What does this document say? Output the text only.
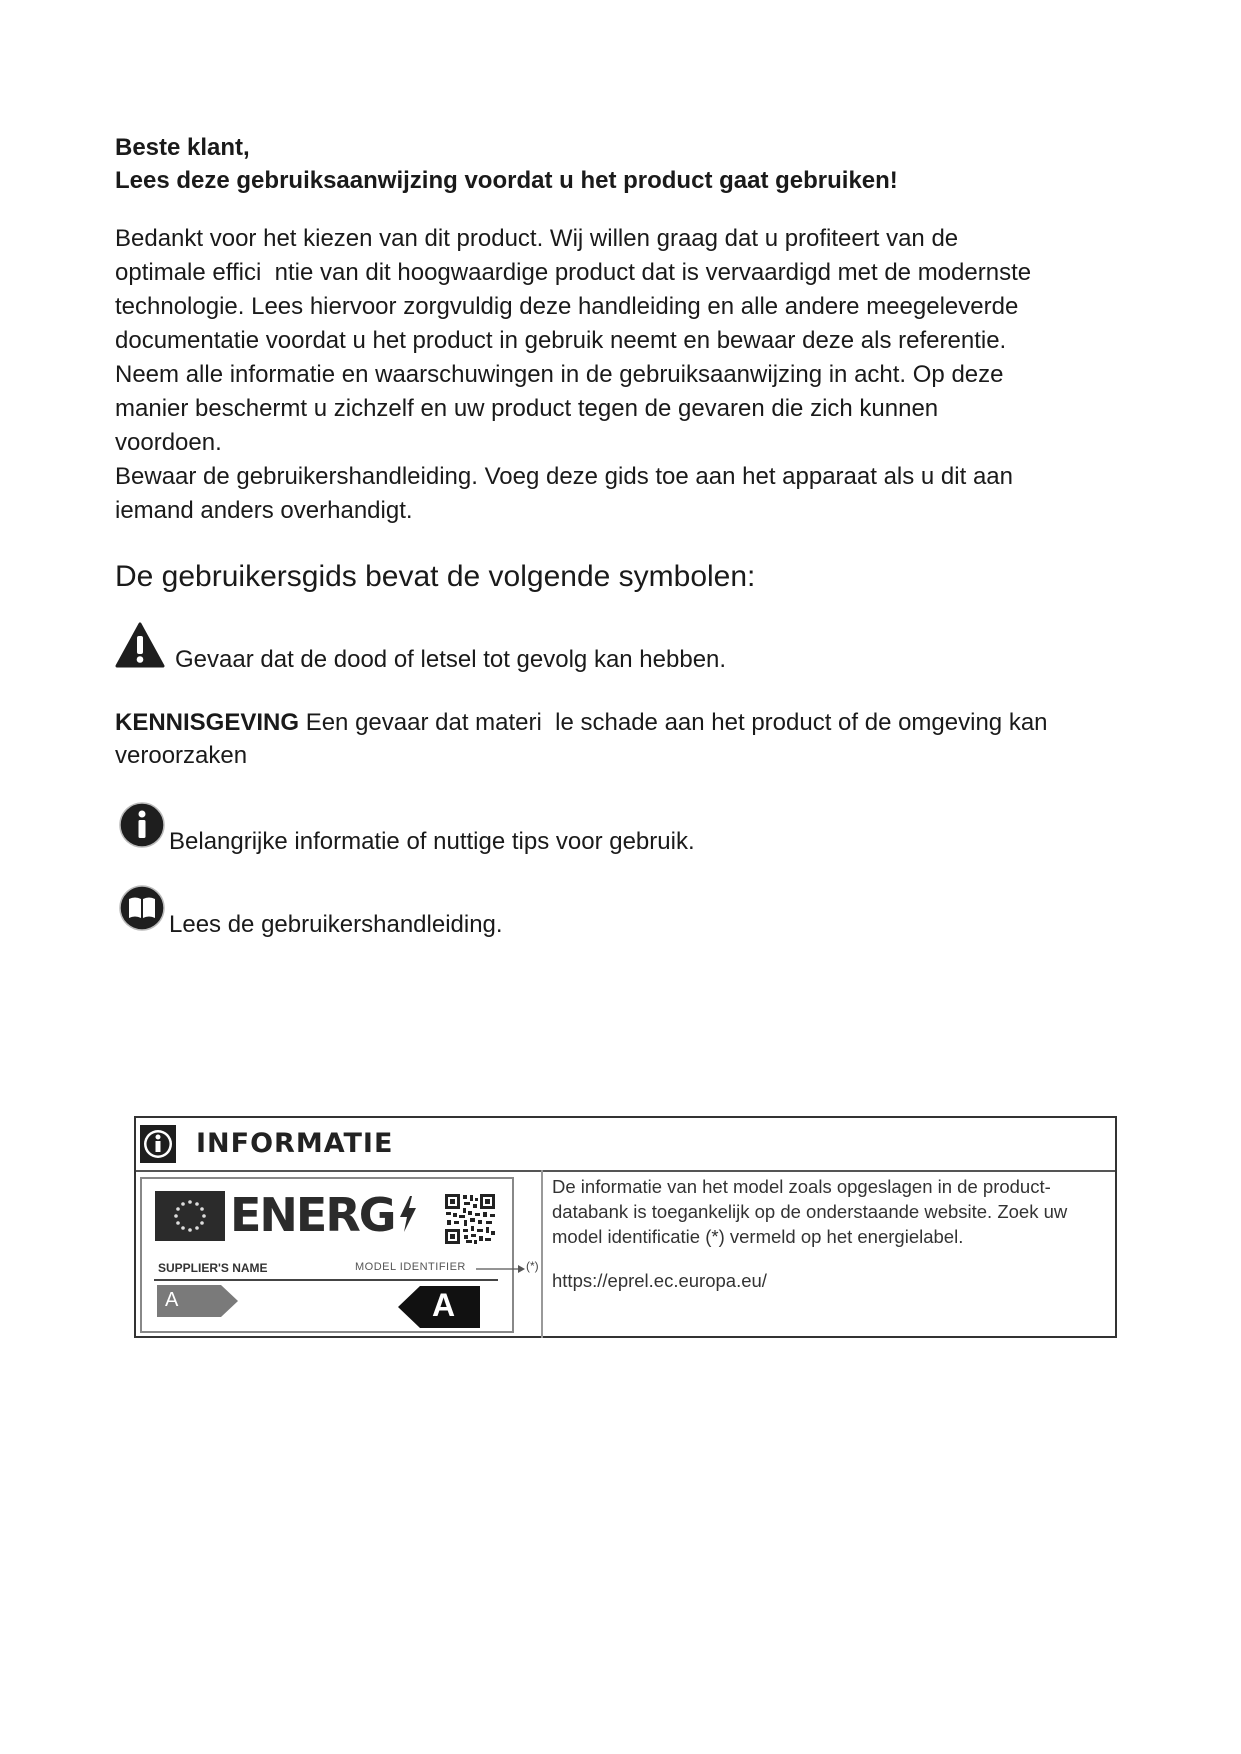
Beste klant,
Lees deze gebruiksaanwijzing voordat u het product gaat gebruiken!

Bedankt voor het kiezen van dit product. Wij willen graag dat u profiteert van de

optimale effici  ntie van dit hoogwaardige product dat is vervaardigd met de modernste

technologie. Lees hiervoor zorgvuldig deze handleiding en alle andere meegeleverde

documentatie voordat u het product in gebruik neemt en bewaar deze als referentie.

Neem alle informatie en waarschuwingen in de gebruiksaanwijzing in acht. Op deze

manier beschermt u zichzelf en uw product tegen de gevaren die zich kunnen

voordoen.

Bewaar de gebruikershandleiding. Voeg deze gids toe aan het apparaat als u dit aan

iemand anders overhandigt.

De gebruikersgids bevat de volgende symbolen:
Gevaar dat de dood of letsel tot gevolg kan hebben.
KENNISGEVING Een gevaar dat materi  le schade aan het product of de omgeving kan veroorzaken
Belangrijke informatie of nuttige tips voor gebruik.
Lees de gebruikershandleiding.
INFORMATIE
ENERG
SUPPLIER'S NAME	MODEL IDENTIFIER	(*)
A	A
De informatie van het model zoals opgeslagen in de product-databank is toegankelijk op de onderstaande website. Zoek uw model identificatie (*) vermeld op het energielabel.
https://eprel.ec.europa.eu/
